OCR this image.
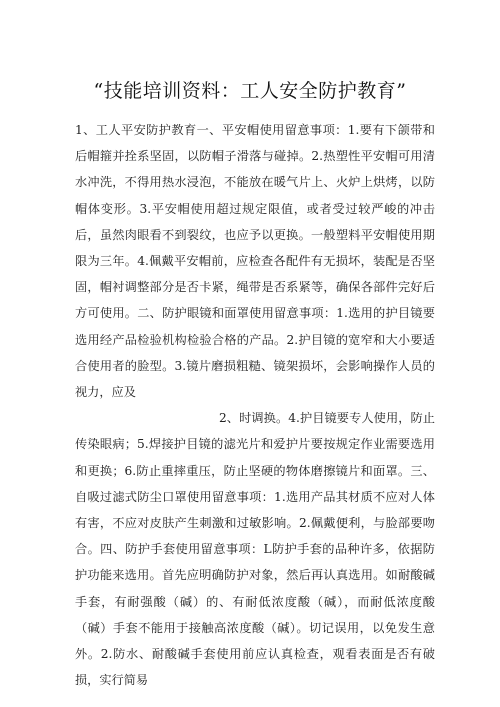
“技能培训资料：工人安全防护教育”

1、工人平安防护教育一、平安帽使用留意事项：1.要有下颌带和后帽箍并拴系坚固，以防帽子滑落与碰掉。2.热塑性平安帽可用清水冲洗，不得用热水浸泡，不能放在暖气片上、火炉上烘烤，以防帽体变形。3.平安帽使用超过规定限值，或者受过较严峻的冲击后，虽然肉眼看不到裂纹，也应予以更换。一般塑料平安帽使用期限为三年。4.佩戴平安帽前，应检查各配件有无损坏，装配是否坚固，帽衬调整部分是否卡紧，绳带是否系紧等，确保各部件完好后方可使用。二、防护眼镜和面罩使用留意事项：1.选用的护目镜要选用经产品检验机构检验合格的产品。2.护目镜的宽窄和大小要适合使用者的脸型。3.镜片磨损粗糙、镜架损坏，会影响操作人员的视力，应及

2、时调换。4.护目镜要专人使用，防止传染眼病；5.焊接护目镜的滤光片和爱护片要按规定作业需要选用和更换；6.防止重摔重压，防止坚硬的物体磨擦镜片和面罩。三、自吸过滤式防尘口罩使用留意事项：1.选用产品其材质不应对人体有害，不应对皮肤产生刺激和过敏影响。2.佩戴便利，与脸部要吻合。四、防护手套使用留意事项：L防护手套的品种许多，依据防护功能来选用。首先应明确防护对象，然后再认真选用。如耐酸碱手套，有耐强酸（碱）的、有耐低浓度酸（碱），而耐低浓度酸（碱）手套不能用于接触高浓度酸（碱）。切记误用，以免发生意外。2.防水、耐酸碱手套使用前应认真检查，观看表面是否有破损，实行简易
